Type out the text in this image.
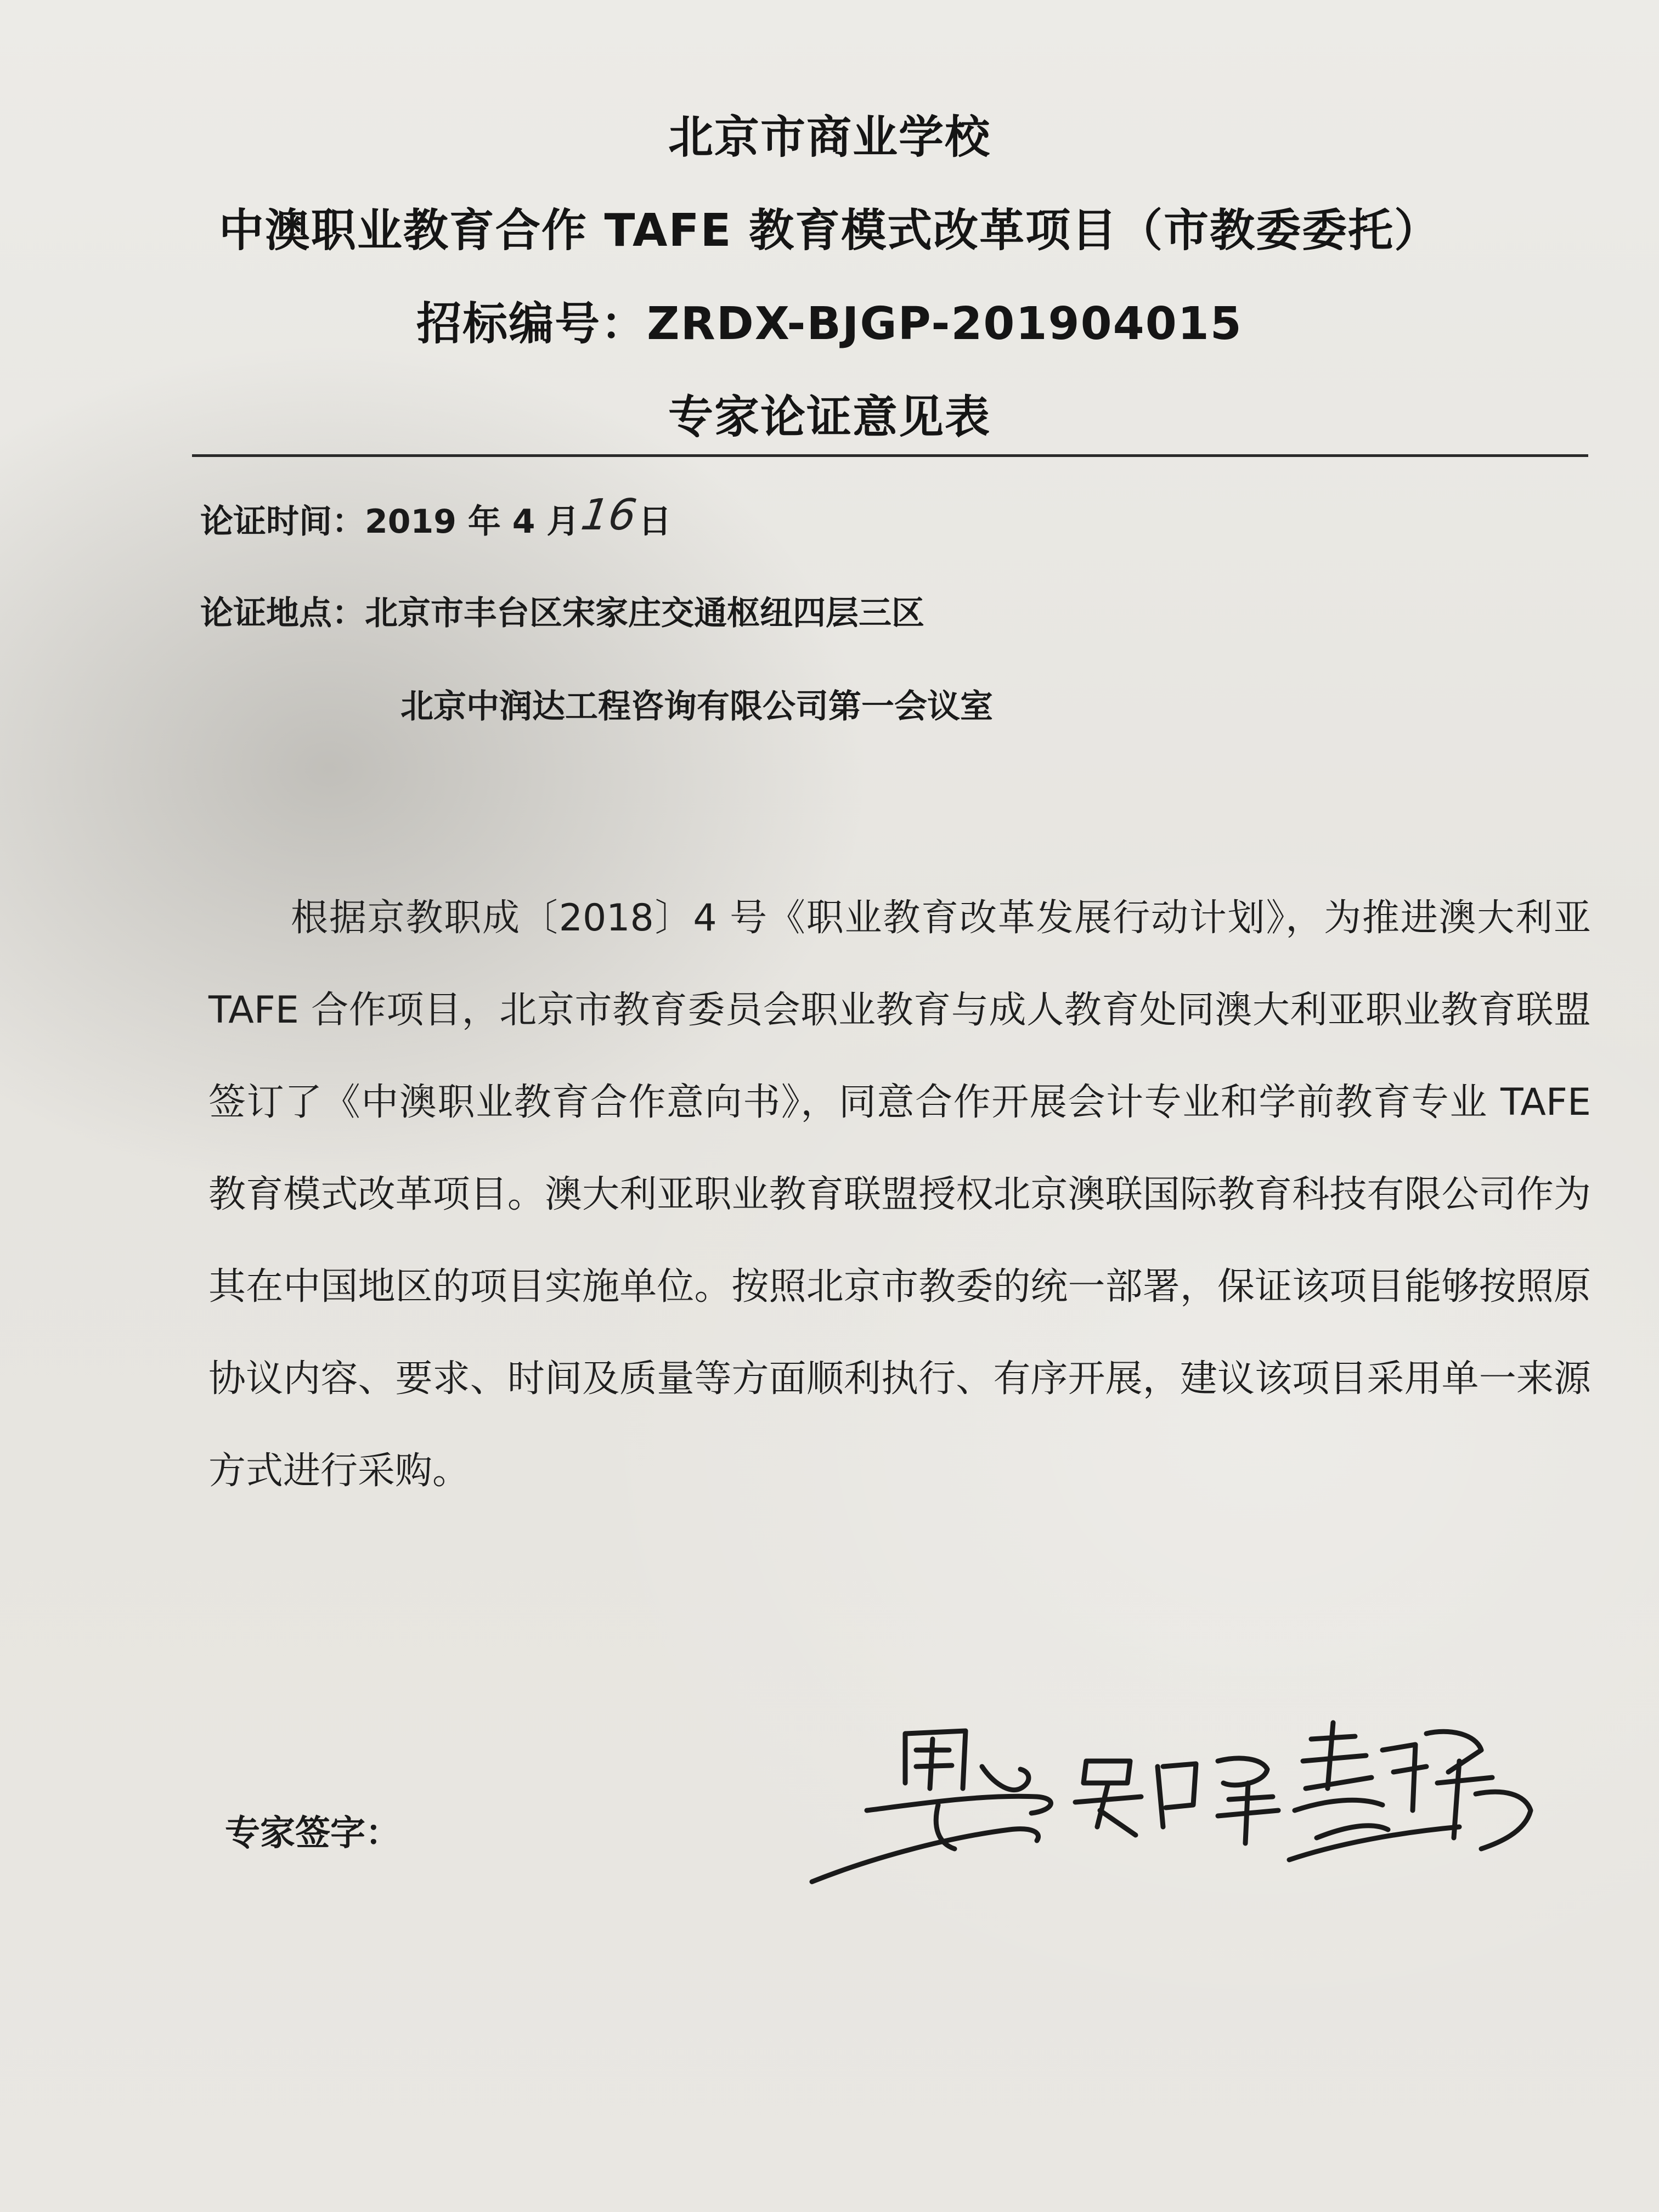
北京市商业学校
中澳职业教育合作 TAFE 教育模式改革项目（市教委委托）
招标编号：ZRDX-BJGP-201904015
专家论证意见表
论证时间：2019 年 4 月16日
论证地点：北京市丰台区宋家庄交通枢纽四层三区
北京中润达工程咨询有限公司第一会议室
根据京教职成〔2018〕4 号《职业教育改革发展行动计划》，为推进澳大利亚 TAFE 合作项目，北京市教育委员会职业教育与成人教育处同澳大利亚职业教育联盟签订了《中澳职业教育合作意向书》，同意合作开展会计专业和学前教育专业 TAFE 教育模式改革项目。澳大利亚职业教育联盟授权北京澳联国际教育科技有限公司作为其在中国地区的项目实施单位。按照北京市教委的统一部署，保证该项目能够按照原协议内容、要求、时间及质量等方面顺利执行、有序开展，建议该项目采用单一来源方式进行采购。
专家签字：
